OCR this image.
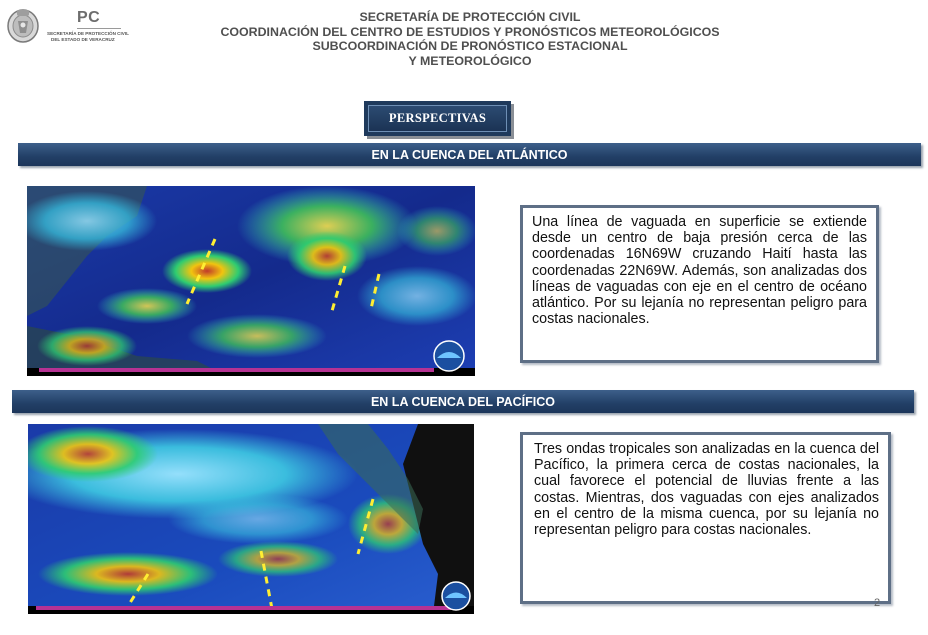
PC
SECRETARÍA DE PROTECCIÓN CIVIL
DEL ESTADO DE VERACRUZ
SECRETARÍA DE PROTECCIÓN CIVIL
COORDINACIÓN DEL CENTRO DE ESTUDIOS Y PRONÓSTICOS METEOROLÓGICOS
SUBCOORDINACIÓN DE PRONÓSTICO ESTACIONAL
Y METEOROLÓGICO
PERSPECTIVAS
EN LA CUENCA DEL ATLÁNTICO
Una línea de vaguada en superficie se extiende desde un centro de baja presión cerca de las coordenadas 16N69W cruzando Haití hasta las coordenadas 22N69W. Además, son analizadas dos líneas de vaguadas con eje en el centro de océano atlántico. Por su lejanía no representan peligro para costas nacionales.
EN LA CUENCA DEL PACÍFICO
Tres ondas tropicales son analizadas en la cuenca del Pacífico, la primera cerca de costas nacionales, la cual favorece el potencial de lluvias frente a las costas. Mientras, dos vaguadas con ejes analizados en el centro de la misma cuenca, por su lejanía no representan peligro para costas nacionales.
2
